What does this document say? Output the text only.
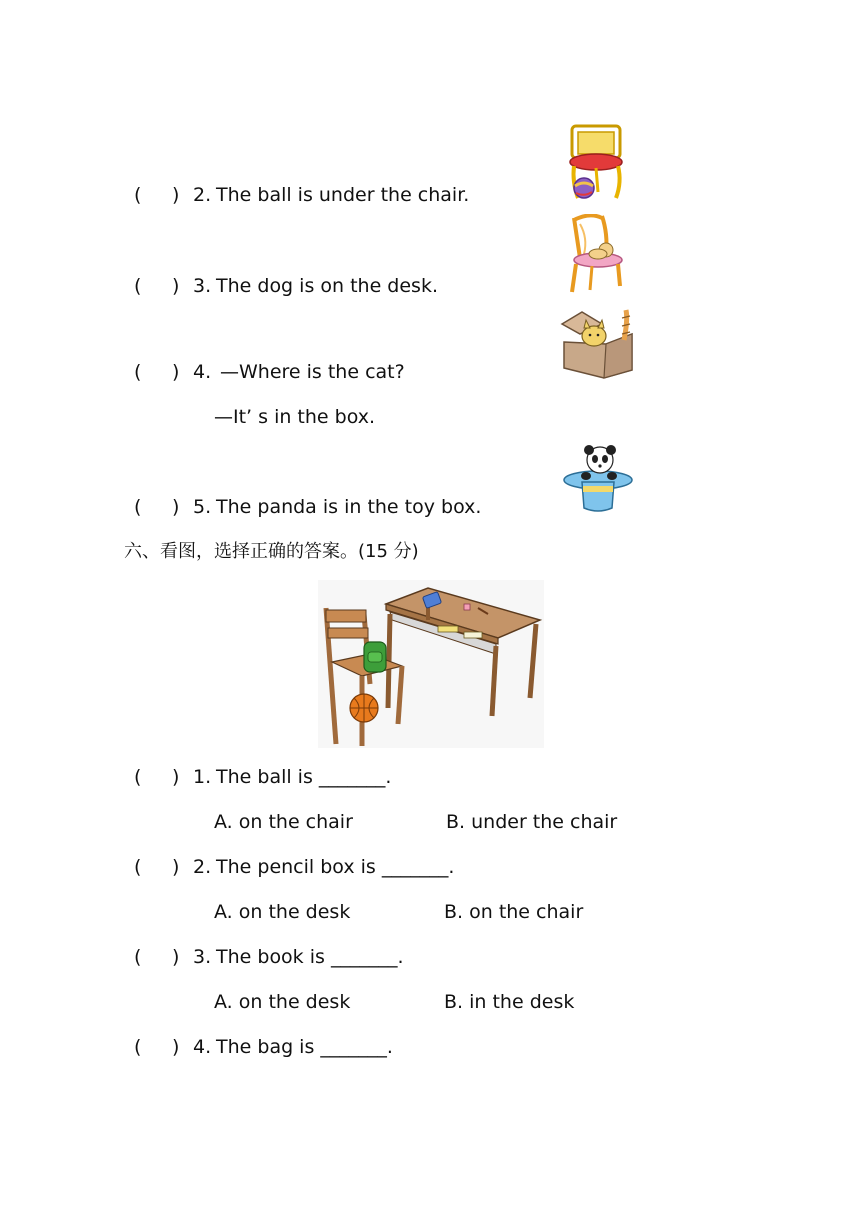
( ) 2. The ball is under the chair.
( ) 3. The dog is on the desk.
( ) 4. —Where is the cat?
—It’ s in the box.
( ) 5. The panda is in the toy box.
六、看图，选择正确的答案。(15 分)
( ) 1. The ball is _______.
A. on the chair	B. under the chair
( ) 2. The pencil box is _______.
A. on the desk	B. on the chair
( ) 3. The book is _______.
A. on the desk	B. in the desk
( ) 4. The bag is _______.
